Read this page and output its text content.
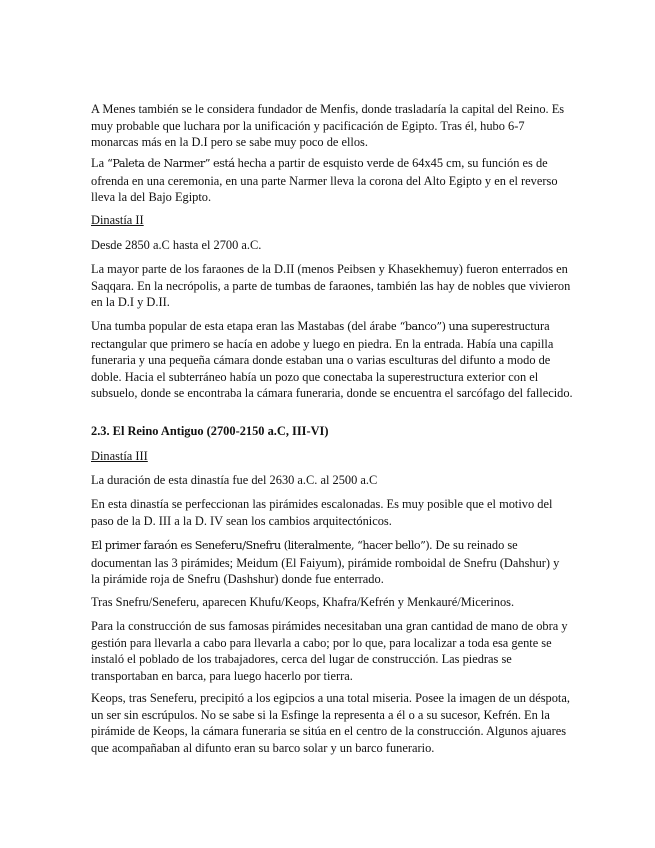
A Menes también se le considera fundador de Menfis, donde trasladaría la capital del Reino. Es muy probable que luchara por la unificación y pacificación de Egipto. Tras él, hubo 6-7 monarcas más en la D.I pero se sabe muy poco de ellos.

La “Paleta de Narmer” está hecha a partir de esquisto verde de 64x45 cm, su función es de ofrenda en una ceremonia, en una parte Narmer lleva la corona del Alto Egipto y en el reverso lleva la del Bajo Egipto.

Dinastía II

Desde 2850 a.C hasta el 2700 a.C.

La mayor parte de los faraones de la D.II (menos Peibsen y Khasekhemuy) fueron enterrados en Saqqara. En la necrópolis, a parte de tumbas de faraones, también las hay de nobles que vivieron en la D.I y D.II.

Una tumba popular de esta etapa eran las Mastabas (del árabe “banco”) una superestructura rectangular que primero se hacía en adobe y luego en piedra. En la entrada. Había una capilla funeraria y una pequeña cámara donde estaban una o varias esculturas del difunto a modo de doble. Hacia el subterráneo había un pozo que conectaba la superestructura exterior con el subsuelo, donde se encontraba la cámara funeraria, donde se encuentra el sarcófago del fallecido.

2.3. El Reino Antiguo (2700-2150 a.C, III-VI)

Dinastía III

La duración de esta dinastía fue del 2630 a.C. al 2500 a.C

En esta dinastía se perfeccionan las pirámides escalonadas. Es muy posible que el motivo del paso de la D. III a la D. IV sean los cambios arquitectónicos.

El primer faraón es Seneferu/Snefru (literalmente, “hacer bello”). De su reinado se documentan las 3 pirámides; Meidum (El Faiyum), pirámide romboidal de Snefru (Dahshur) y la pirámide roja de Snefru (Dashshur) donde fue enterrado.

Tras Snefru/Seneferu, aparecen Khufu/Keops, Khafra/Kefrén y Menkauré/Micerinos.

Para la construcción de sus famosas pirámides necesitaban una gran cantidad de mano de obra y gestión para llevarla a cabo para llevarla a cabo; por lo que, para localizar a toda esa gente se instaló el poblado de los trabajadores, cerca del lugar de construcción. Las piedras se transportaban en barca, para luego hacerlo por tierra.

Keops, tras Seneferu, precipitó a los egipcios a una total miseria. Posee la imagen de un déspota, un ser sin escrúpulos. No se sabe si la Esfinge la representa a él o a su sucesor, Kefrén. En la pirámide de Keops, la cámara funeraria se sitúa en el centro de la construcción. Algunos ajuares que acompañaban al difunto eran su barco solar y un barco funerario.
